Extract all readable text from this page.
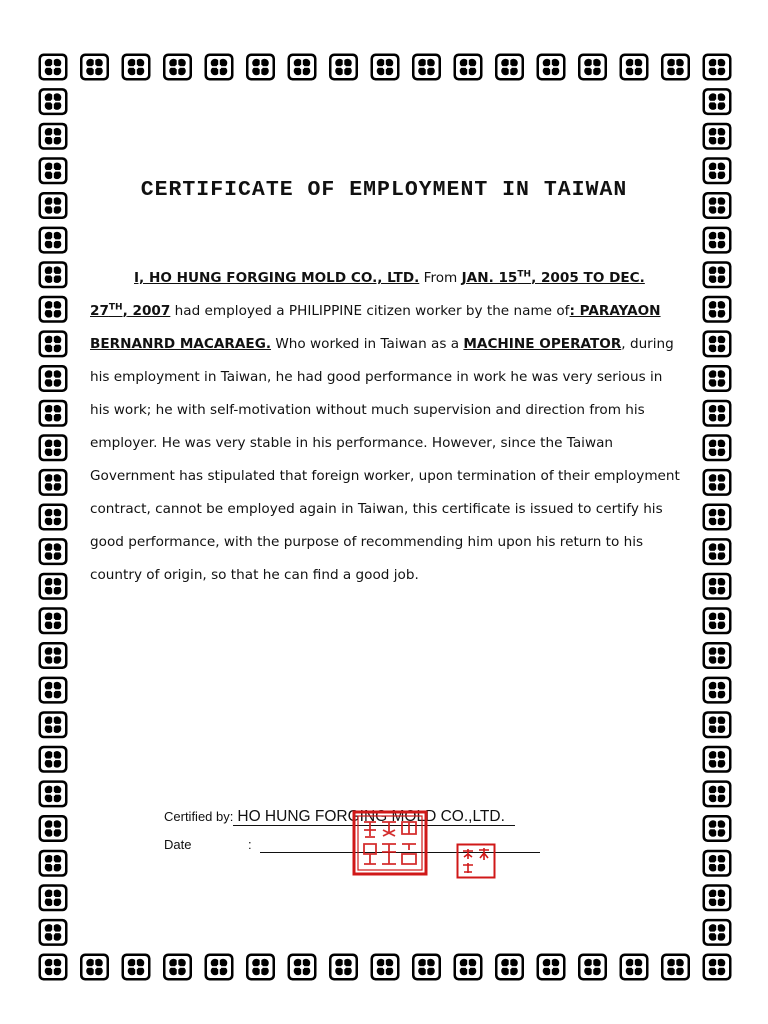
CERTIFICATE OF EMPLOYMENT IN TAIWAN

I, HO HUNG FORGING MOLD CO., LTD. From JAN. 15TH, 2005 TO DEC. 27TH, 2007 had employed a PHILIPPINE citizen worker by the name of: PARAYAON BERNANRD MACARAEG. Who worked in Taiwan as a MACHINE OPERATOR, during his employment in Taiwan, he had good performance in work he was very serious in his work; he with self-motivation without much supervision and direction from his employer. He was very stable in his performance. However, since the Taiwan Government has stipulated that foreign worker, upon termination of their employment contract, cannot be employed again in Taiwan, this certificate is issued to certify his good performance, with the purpose of recommending him upon his return to his country of origin, so that he can find a good job.

Certified by: HO HUNG FORGING MOLD CO.,LTD.
Date	:
